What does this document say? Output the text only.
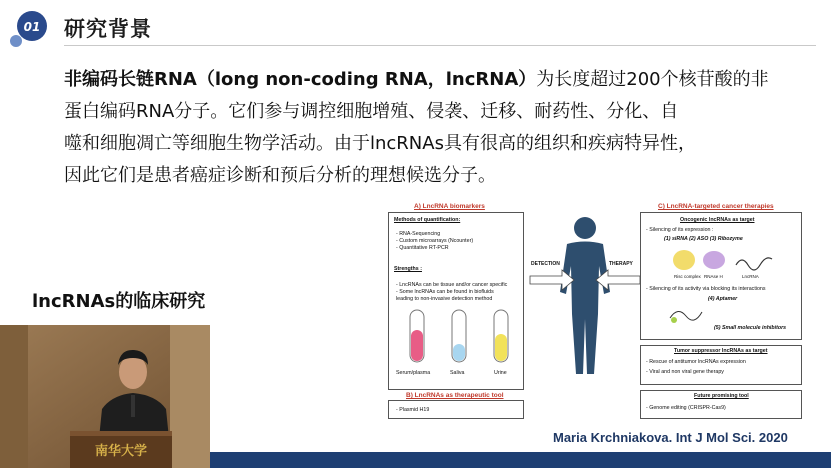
01 研究背景
非编码长链RNA（long non-coding RNA，lncRNA）为长度超过200个核苷酸的非
蛋白编码RNA分子。它们参与调控细胞增殖、侵袭、迁移、耐药性、分化、自
噬和细胞凋亡等细胞生物学活动。由于lncRNAs具有很高的组织和疾病特异性，
因此它们是患者癌症诊断和预后分析的理想候选分子。
lncRNAs的临床研究
南华大学
A) LncRNA biomarkers
Methods of quantification:
- RNA-Sequencing
- Custom microarrays (Ncounter)
- Quantitative RT-PCR
Strengths :
- LncRNAs can be tissue and/or cancer specific
- Some lncRNAs can be found in biofluids
leading to non-invasive detection method
Serum/plasma	Saliva	Urine
B) LncRNAs as therapeutic tool
- Plasmid H19
DETECTION	THERAPY
C) LncRNA-targeted cancer therapies
Oncogenic lncRNAs as target
- Silencing of its expression :
(1) siRNA (2) ASO (3) Ribozyme
Risc complex RNAse H	LncRNA
- Silencing of its activity via blocking its interactions
(4) Aptamer
(5) Small molecule inhibitors
Tumor suppressor lncRNAs as target
- Rescue of antitumor lncRNAs expression
- Viral and non viral gene therapy
Future promising tool
- Genome editing (CRISPR-Cas9)
Maria Krchniakova. Int J Mol Sci. 2020
